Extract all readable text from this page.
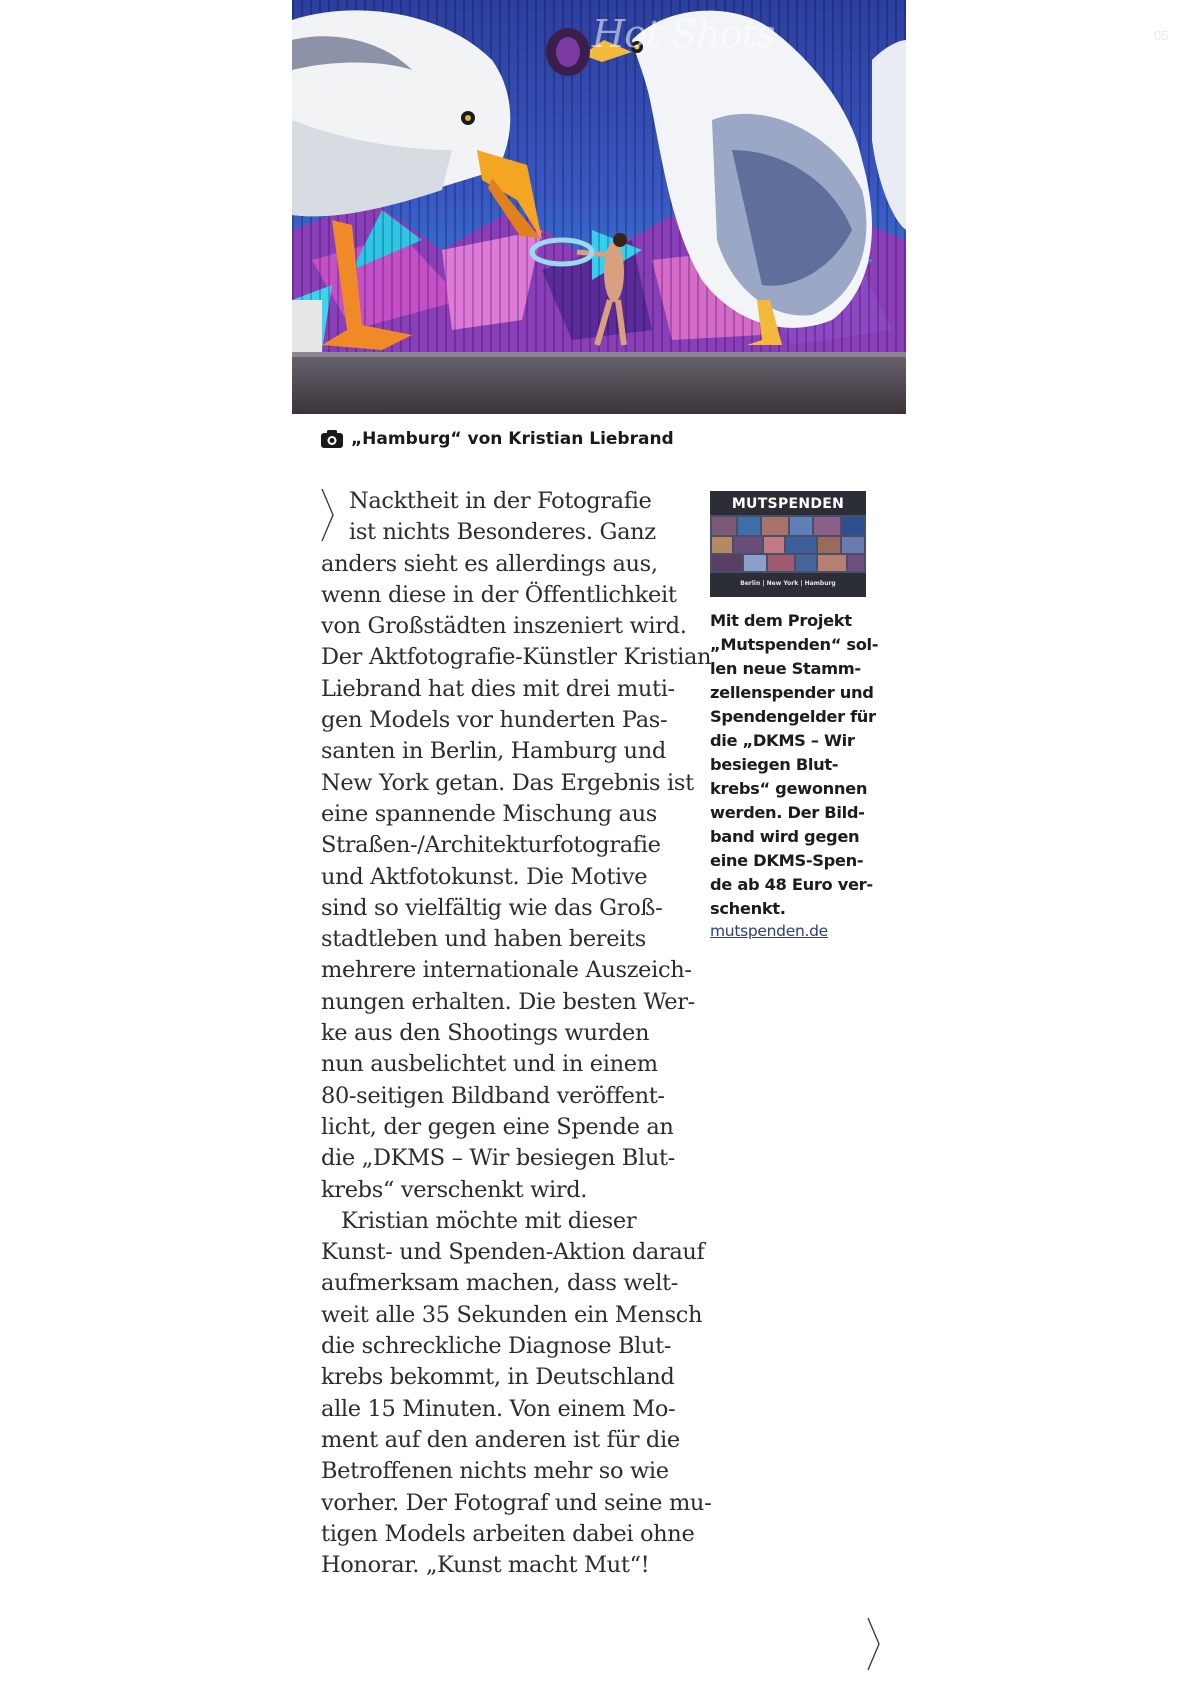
Hot Shots	05
„Hamburg“ von Kristian Liebrand

Nacktheit in der Fotografie
ist nichts Besonderes. Ganz
anders sieht es allerdings aus,
wenn diese in der Öffentlichkeit
von Großstädten inszeniert wird.
Der Aktfotografie-Künstler Kristian
Liebrand hat dies mit drei muti-
gen Models vor hunderten Pas-
santen in Berlin, Hamburg und
New York getan. Das Ergebnis ist
eine spannende Mischung aus
Straßen-/Architekturfotografie
und Aktfotokunst. Die Motive
sind so vielfältig wie das Groß-
stadtleben und haben bereits
mehrere internationale Auszeich-
nungen erhalten. Die besten Wer-
ke aus den Shootings wurden
nun ausbelichtet und in einem
80-seitigen Bildband veröffent-
licht, der gegen eine Spende an
die „DKMS – Wir besiegen Blut-
krebs“ verschenkt wird.

Kristian möchte mit dieser
Kunst- und Spenden-Aktion darauf
aufmerksam machen, dass welt-
weit alle 35 Sekunden ein Mensch
die schreckliche Diagnose Blut-
krebs bekommt, in Deutschland
alle 15 Minuten. Von einem Mo-
ment auf den anderen ist für die
Betroffenen nichts mehr so wie
vorher. Der Fotograf und seine mu-
tigen Models arbeiten dabei ohne
Honorar. „Kunst macht Mut“!

MUTSPENDEN
Berlin | New York | Hamburg
Mit dem Projekt
„Mutspenden“ sol-
len neue Stamm-
zellenspender und
Spendengelder für
die „DKMS – Wir
besiegen Blut-
krebs“ gewonnen
werden. Der Bild-
band wird gegen
eine DKMS-Spen-
de ab 48 Euro ver-
schenkt.
mutspenden.de
